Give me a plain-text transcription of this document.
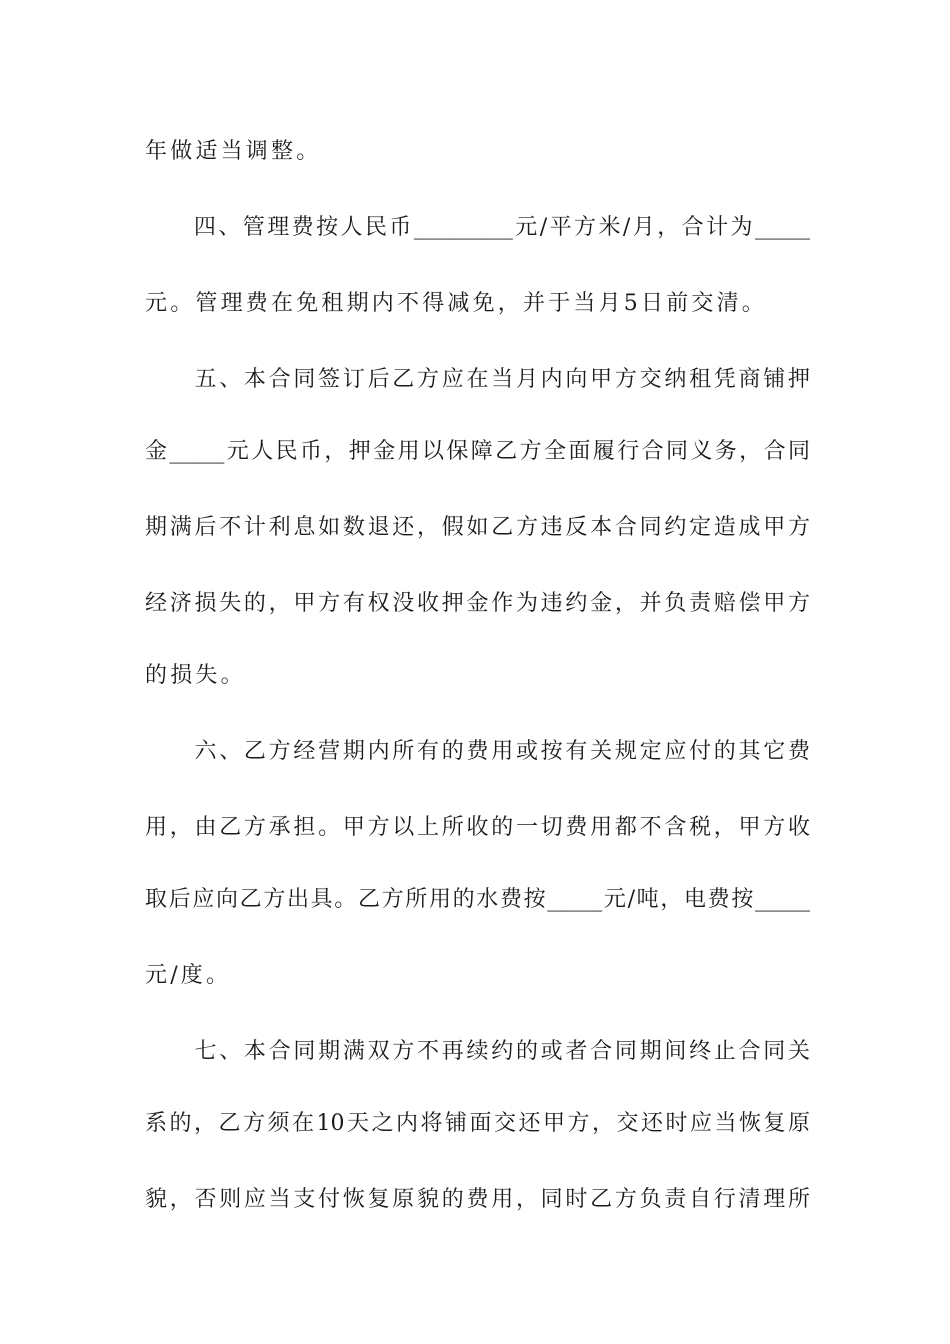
年做适当调整。
　　四、管理费按人民币_________元/平方米/月，合计为_____
元。管理费在免租期内不得减免，并于当月5日前交清。
　　五、本合同签订后乙方应在当月内向甲方交纳租凭商铺押
金_____元人民币，押金用以保障乙方全面履行合同义务，合同
期满后不计利息如数退还，假如乙方违反本合同约定造成甲方
经济损失的，甲方有权没收押金作为违约金，并负责赔偿甲方
的损失。
　　六、乙方经营期内所有的费用或按有关规定应付的其它费
用，由乙方承担。甲方以上所收的一切费用都不含税，甲方收
取后应向乙方出具。乙方所用的水费按_____元/吨，电费按_____
元/度。
　　七、本合同期满双方不再续约的或者合同期间终止合同关
系的，乙方须在10天之内将铺面交还甲方，交还时应当恢复原
貌，否则应当支付恢复原貌的费用，同时乙方负责自行清理所
